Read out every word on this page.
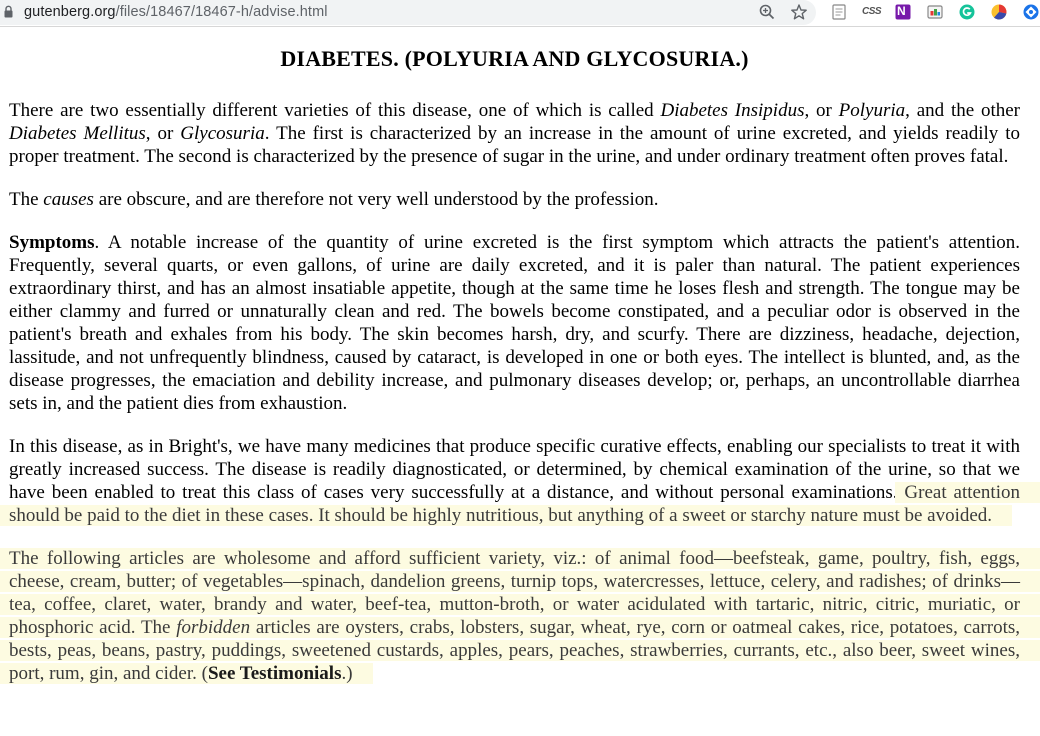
gutenberg.org/files/18467/18467-h/advise.html	CSS N
DIABETES. (POLYURIA AND GLYCOSURIA.)

There are two essentially different varieties of this disease, one of which is called Diabetes Insipidus, or Polyuria, and the other Diabetes Mellitus, or Glycosuria. The first is characterized by an increase in the amount of urine excreted, and yields readily to proper treatment. The second is characterized by the presence of sugar in the urine, and under ordinary treatment often proves fatal.

The causes are obscure, and are therefore not very well understood by the profession.

Symptoms. A notable increase of the quantity of urine excreted is the first symptom which attracts the patient's attention. Frequently, several quarts, or even gallons, of urine are daily excreted, and it is paler than natural. The patient experiences extraordinary thirst, and has an almost insatiable appetite, though at the same time he loses flesh and strength. The tongue may be either clammy and furred or unnaturally clean and red. The bowels become constipated, and a peculiar odor is observed in the patient's breath and exhales from his body. The skin becomes harsh, dry, and scurfy. There are dizziness, headache, dejection, lassitude, and not unfrequently blindness, caused by cataract, is developed in one or both eyes. The intellect is blunted, and, as the disease progresses, the emaciation and debility increase, and pulmonary diseases develop; or, perhaps, an uncontrollable diarrhea sets in, and the patient dies from exhaustion.

In this disease, as in Bright's, we have many medicines that produce specific curative effects, enabling our specialists to treat it with greatly increased success. The disease is readily diagnosticated, or determined, by chemical examination of the urine, so that we have been enabled to treat this class of cases very successfully at a distance, and without personal examinations. Great attention should be paid to the diet in these cases. It should be highly nutritious, but anything of a sweet or starchy nature must be avoided.

The following articles are wholesome and afford sufficient variety, viz.: of animal food—beefsteak, game, poultry, fish, eggs, cheese, cream, butter; of vegetables—spinach, dandelion greens, turnip tops, watercresses, lettuce, celery, and radishes; of drinks—tea, coffee, claret, water, brandy and water, beef-tea, mutton-broth, or water acidulated with tartaric, nitric, citric, muriatic, or phosphoric acid. The forbidden articles are oysters, crabs, lobsters, sugar, wheat, rye, corn or oatmeal cakes, rice, potatoes, carrots, bests, peas, beans, pastry, puddings, sweetened custards, apples, pears, peaches, strawberries, currants, etc., also beer, sweet wines, port, rum, gin, and cider. (See Testimonials.)
